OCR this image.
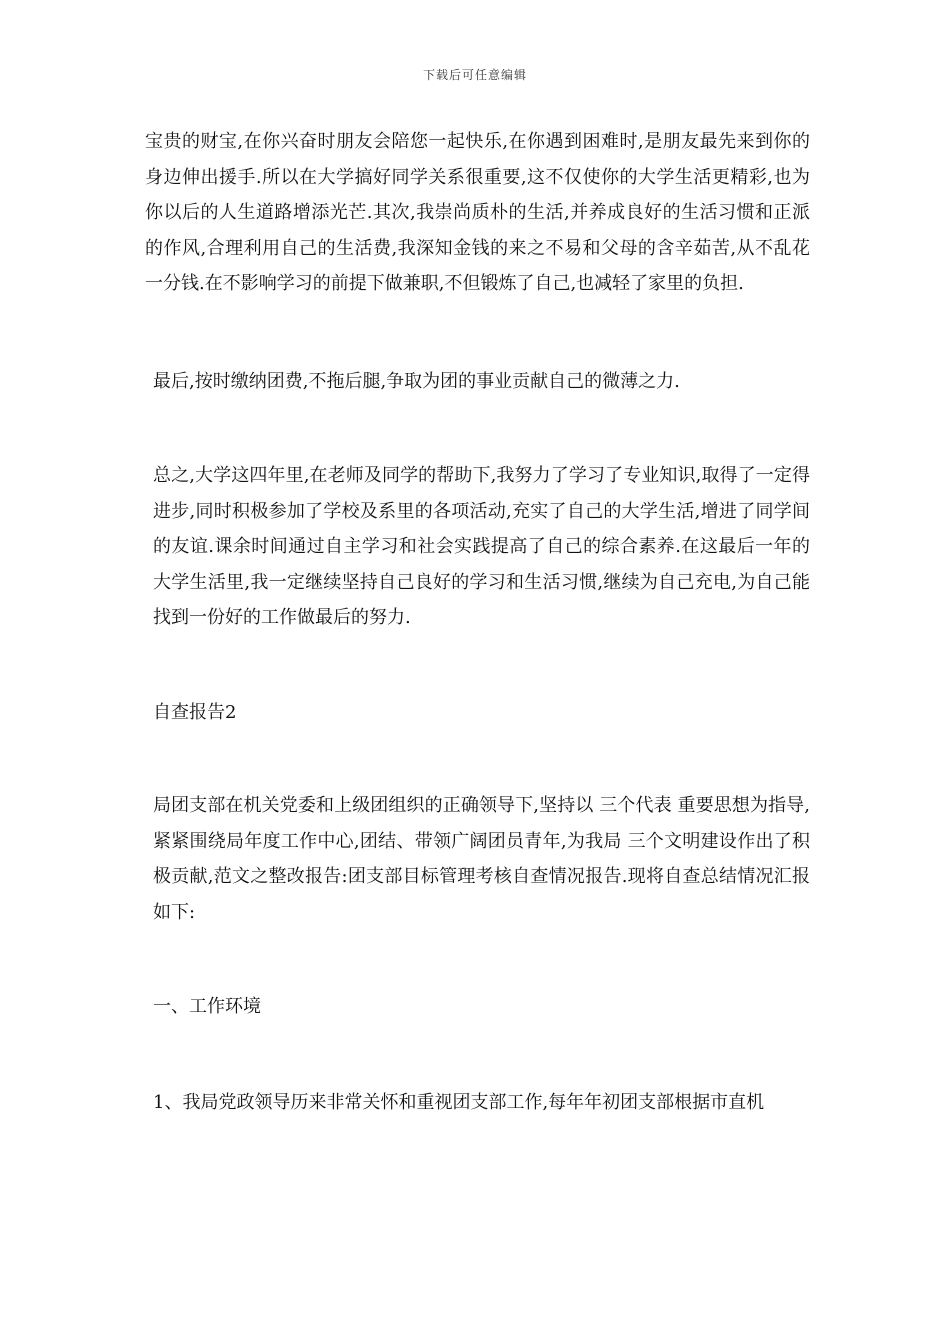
下载后可任意编辑

宝贵的财宝,在你兴奋时朋友会陪您一起快乐,在你遇到困难时,是朋友最先来到你的身边伸出援手.所以在大学搞好同学关系很重要,这不仅使你的大学生活更精彩,也为你以后的人生道路增添光芒.其次,我崇尚质朴的生活,并养成良好的生活习惯和正派的作风,合理利用自己的生活费,我深知金钱的来之不易和父母的含辛茹苦,从不乱花一分钱.在不影响学习的前提下做兼职,不但锻炼了自己,也减轻了家里的负担.

最后,按时缴纳团费,不拖后腿,争取为团的事业贡献自己的微薄之力.

总之,大学这四年里,在老师及同学的帮助下,我努力了学习了专业知识,取得了一定得进步,同时积极参加了学校及系里的各项活动,充实了自己的大学生活,增进了同学间的友谊.课余时间通过自主学习和社会实践提高了自己的综合素养.在这最后一年的大学生活里,我一定继续坚持自己良好的学习和生活习惯,继续为自己充电,为自己能找到一份好的工作做最后的努力.

自查报告2

局团支部在机关党委和上级团组织的正确领导下,坚持以 三个代表 重要思想为指导,紧紧围绕局年度工作中心,团结、带领广阔团员青年,为我局 三个文明建设作出了积极贡献,范文之整改报告:团支部目标管理考核自查情况报告.现将自查总结情况汇报如下:

一、工作环境

1、我局党政领导历来非常关怀和重视团支部工作,每年年初团支部根据市直机
